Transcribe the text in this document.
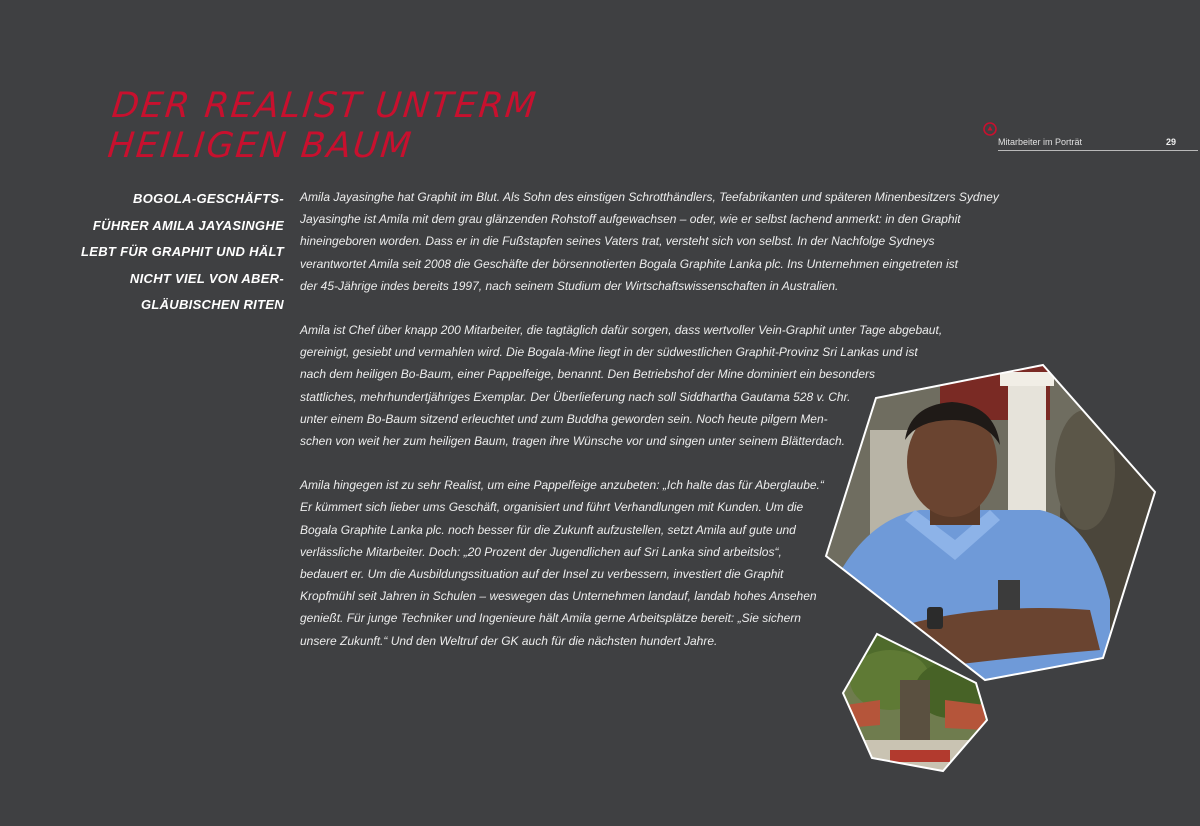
DER REALIST UNTERM
HEILIGEN BAUM	Mitarbeiter im Porträt	29
BOGOLA-GESCHÄFTS-
FÜHRER AMILA JAYASINGHE
LEBT FÜR GRAPHIT UND HÄLT
NICHT VIEL VON ABER-
GLÄUBISCHEN RITEN

Amila Jayasinghe hat Graphit im Blut. Als Sohn des einstigen Schrotthändlers, Teefabrikanten und späteren Minenbesitzers Sydney
Jayasinghe ist Amila mit dem grau glänzenden Rohstoff aufgewachsen – oder, wie er selbst lachend anmerkt: in den Graphit
hineingeboren worden. Dass er in die Fußstapfen seines Vaters trat, versteht sich von selbst. In der Nachfolge Sydneys
verantwortet Amila seit 2008 die Geschäfte der börsennotierten Bogala Graphite Lanka plc. Ins Unternehmen eingetreten ist
der 45-Jährige indes bereits 1997, nach seinem Studium der Wirtschaftswissenschaften in Australien.

Amila ist Chef über knapp 200 Mitarbeiter, die tagtäglich dafür sorgen, dass wertvoller Vein-Graphit unter Tage abgebaut,
gereinigt, gesiebt und vermahlen wird. Die Bogala-Mine liegt in der südwestlichen Graphit-Provinz Sri Lankas und ist
nach dem heiligen Bo-Baum, einer Pappelfeige, benannt. Den Betriebshof der Mine dominiert ein besonders
stattliches, mehrhundertjähriges Exemplar. Der Überlieferung nach soll Siddhartha Gautama 528 v. Chr.
unter einem Bo-Baum sitzend erleuchtet und zum Buddha geworden sein. Noch heute pilgern Men-
schen von weit her zum heiligen Baum, tragen ihre Wünsche vor und singen unter seinem Blätterdach.

Amila hingegen ist zu sehr Realist, um eine Pappelfeige anzubeten: „Ich halte das für Aberglaube.“
Er kümmert sich lieber ums Geschäft, organisiert und führt Verhandlungen mit Kunden. Um die
Bogala Graphite Lanka plc. noch besser für die Zukunft aufzustellen, setzt Amila auf gute und
verlässliche Mitarbeiter. Doch: „20 Prozent der Jugendlichen auf Sri Lanka sind arbeitslos“,
bedauert er. Um die Ausbildungssituation auf der Insel zu verbessern, investiert die Graphit
Kropfmühl seit Jahren in Schulen – weswegen das Unternehmen landauf, landab hohes Ansehen
genießt. Für junge Techniker und Ingenieure hält Amila gerne Arbeitsplätze bereit: „Sie sichern
unsere Zukunft.“ Und den Weltruf der GK auch für die nächsten hundert Jahre.
